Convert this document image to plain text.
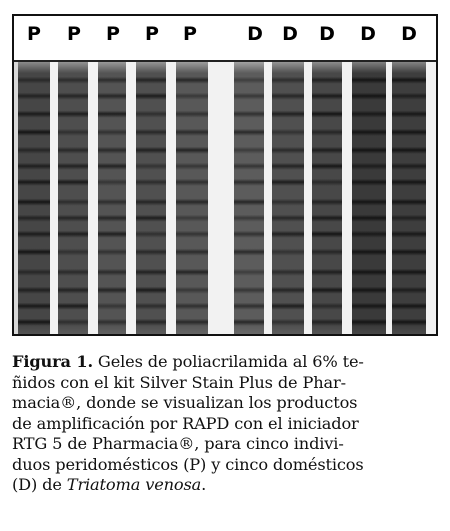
P P P P P	D D D D D
Figura 1. Geles de poliacrilamida al 6% te-
ñidos con el kit Silver Stain Plus de Phar-
macia®, donde se visualizan los productos
de amplificación por RAPD con el iniciador
RTG 5 de Pharmacia®, para cinco indivi-
duos peridomésticos (P) y cinco domésticos
(D) de Triatoma venosa.
